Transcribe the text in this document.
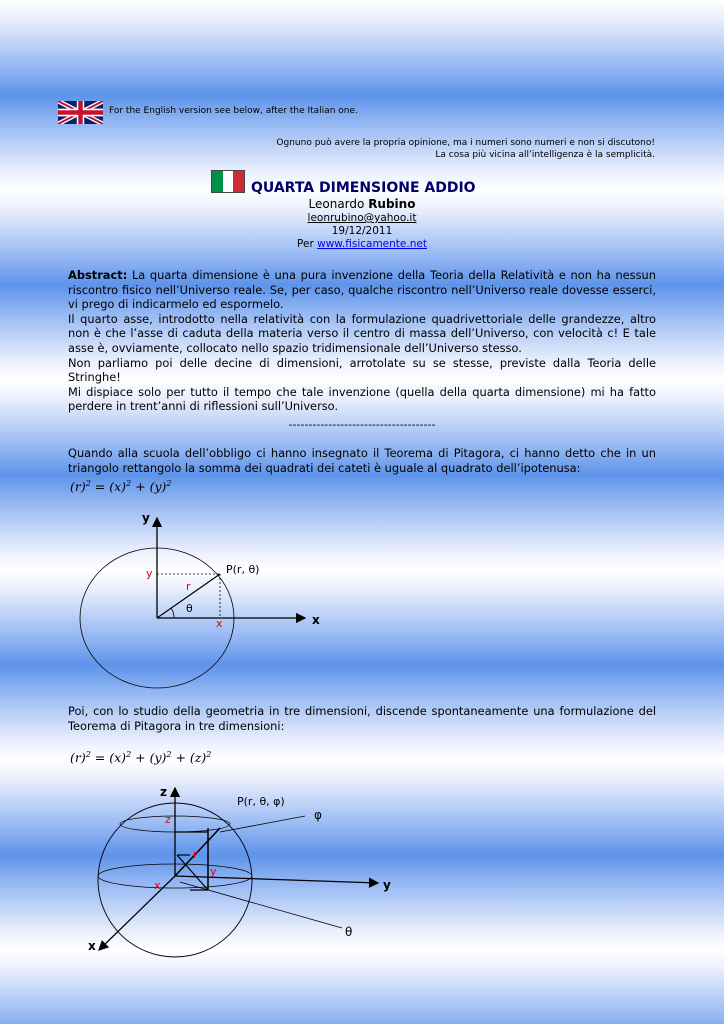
For the English version see below, after the Italian one.
Ognuno può avere la propria opinione, ma i numeri sono numeri e non si discutono!
La cosa più vicina all’intelligenza è la semplicità.
QUARTA DIMENSIONE ADDIO
Leonardo Rubino
leonrubino@yahoo.it
19/12/2011
Per www.fisicamente.net
Abstract: La quarta dimensione è una pura invenzione della Teoria della Relatività e non ha nessun riscontro fisico nell’Universo reale. Se, per caso, qualche riscontro nell’Universo reale dovesse esserci, vi prego di indicarmelo ed espormelo.
Il quarto asse, introdotto nella relatività con la formulazione quadrivettoriale delle grandezze, altro non è che l’asse di caduta della materia verso il centro di massa dell’Universo, con velocità c! E tale asse è, ovviamente, collocato nello spazio tridimensionale dell’Universo stesso.
Non parliamo poi delle decine di dimensioni, arrotolate su se stesse, previste dalla Teoria delle Stringhe!
Mi dispiace solo per tutto il tempo che tale invenzione (quella della quarta dimensione) mi ha fatto perdere in trent’anni di riflessioni sull’Universo.
-------------------------------------
Quando alla scuola dell’obbligo ci hanno insegnato il Teorema di Pitagora, ci hanno detto che in un triangolo rettangolo la somma dei quadrati dei cateti è uguale al quadrato dell’ipotenusa:
$(r)^2 = (x)^2 + (y)^2$
y
x
y
x
r
θ
P(r, θ)
Poi, con lo studio della geometria in tre dimensioni, discende spontaneamente una formulazione del Teorema di Pitagora in tre dimensioni:
$(r)^2 = (x)^2 + (y)^2 + (z)^2$
z
y
x
z
y
x
r
P(r, θ, φ)
φ
θ
